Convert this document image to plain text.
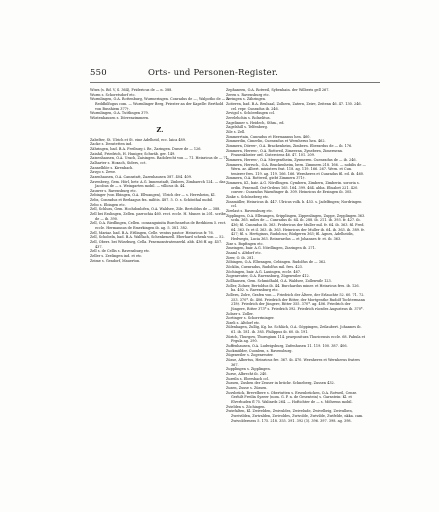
550	Orts- und Personen-Register.

Wiwa (s. Bd. V, S. 364), Fridericus de — n. 388.

Wurm s. Schoretsdorf etc.

Wurmlingen, O.A. Rottenburg, Wurmeringen. Conradus de —, Walpotho de — & Reddhilfogus com. — Wurmlinger Berg, Priester an der Kapelle: Berthold von Busshiem 377†.

Wurmlingen, O.A. Tuttlingen 379.

Wüstenhausen s. Dörrenzimmern.

Z.

Zabelter, St. Ulrich et St. eine Adelheid, ecc. laica 489.

Zacke s. Denstetten ind.

Zähringen, bad. B.A. Freiburg i. Br., Zaringen. Dueze de — 126.

Zainhil, Friedrich, H. Huniger, Schwäb. ger. 149.

Zaisenhausen, O.A. Urach, Zaisingen. Radolrecht von — 71. Heinricus de — 71.

Zalharter s. Hoxach, Siders, cct.

Zannelblöe s. Kirenbach.

Zavgo s. Zewe.

Zazenhausen, O.A. Cannstatt, Zazenhausen 387. 404. 409.

Zavenberg, Gem. Hörl, betr. A.G. Imnenstadt, Zinbers, Zimbaerch 124. — das Jacobus de — s. Weingarten mobil. — villicus ib. 44.

Zauwer s. Ravensburg etc.

Zebinger (von Ebingen, O.A. Ellwangen), Ulrich der — s. Herrsheim, Kl.

Zebs, Conradus et Berlaagus fra. militis. 487. 5. O. s. Schönthal mobil.

Zebo s. Ebingen etc.

Zell, Schluss, Gem. Hochdonlofen, O.A. Waldsee, Zile. Bertoldus de — 388.

Zell bei Esslingen, Zellen. parrochia 460. rect. eccle. H. Muner. in 201. scribe de — ib. 390.

Zell, O.A. Riedlingen, Cellen. consanguinita Burcheardus de Berkhiem 5. rect. eccle. Hermannus de Emerkingen ib. ag. 5. 381. 382.

Zell, Mariaz. bad. B.A. Ettlingen, Celle. ventus pastor: Heinricus fr. 76.

Zell, Schobeln, bad. B.A. Walflach, Schenkenzell. Eberhard schenk von — 52.

Zell, Oberz. bei Würzburg, Cella. Praemonstratenserkl. abb. 436 ff. ag. 457. 437.

Zell s. de Cellis s. Ravensburg etc.

Zeller s. Zeelingen ind. et etc.

Zeime s. Gendorf, Mauerton.

Zephaneen, O.A. Rotweil, Sybenhain. der Wilberis gell 267.

Zeren s. Ravensburg etc.

Zeringen s. Zähringen.

Zoiteren, bad. B.A. Brulsaal, Zolhern, Zatern, Zeire, Zeitenn 46. 47. 130. 246. cel. repr. Cunradus ib. 246.

Zevigol s. Schöerdingen ccl.

Zerelehchin s. Rolnelitus.

Zagelinner s. Heidech, Sthm., ed.

Zagelshill s. Telfenberg.

Zile s. Zell.

Zimmerrtain, Cunradus et Hermannus hen. 460.

Zimmerdin, Cimerlin, Cuenradus et Wernherus hen. 462.

Zimmern, Dörrer-, O.A. Brackenheim, Zimbern. Eberardus de — ib. 176.

Zimmern, Herren-, O.A. Rottweil, Zimeeran, Zynebern, Zimernenn. Frauenkloster ord. Cisterciens 46. 47. 101. 209.

Zimmern, Herren-, O.A. Mergentheim, Zysmeren. Cuenradus de — ib. 246.

Zimmern, Herrsch., O.A. Brackenheim, bern. Zimmern 218. 166. — nobilis de — Wern. ar. Albert. ministres frat. 118. ag. 119. 166. 267. Wern. et Cun. tenierer fres. 119. ag. 119. 166. 166. Wernheres et Cunradus fil. ed. ib. 460.

Zimmern, O.A. Rottweil, giebt Zimmern 371†.

Zimmern, Kl., bair. A.G. Nördlingen. Cymbern, Zimbern, Zimberin. sororia s. ordin. Praemoll. Ost-Ordens 165. 164. 399. 464. abba. Elisabet 221. 420. conver.: Cunradus Waenfinger ib. 309. Heinricus de Erzingen ib. 305.

Zinke s. Schöneberg etc.

Zinsmüller, Heinricus ib. 447. Ulricus volk. b. 453. s. Jadelfingen; Nordringen ccl.

Zirelast s. Ravensburg etc.

Zipplingen, O.A. Ellwangen, Sripplingen, Zippenlingen, Zuppe, Zepplingen 363. scda. 365. miles de — Cunradus ib. 64. ib. 288. ib. 211. ib. 393. fr. 427. ib. 436; fil. Cunradus ib. 363. Fridericus der Muller mil. fr. 64. ib. 363. fil. Fred. 64. 363. fr. et il. 363. ib. 363. Heinricus der Muller ib. 64. ib. 363. ib. 389. fr. 427; fil. s. Hertiginus, Rudolcun; Rüdgeren 363; fil. Agnes, Adelheidis, Hedwegis, Lucia 363. Reinwardus — et Johannes fr. et. ib. 363.

Zize s. Bopfingen etc.

Zmeingen, bair. A.G. Nördlingen, Zizzingen ib. 271.

Znaml s. Altdorf etc.

Zirer, O. ib. 281.

Zöbingen, O.A. Ellwangen, Cebingen. Rudolfus de — 362.

Zöcklin, Cuenradus, Rudolfus mil. fres. 423.

Zöchingen, bair. A.G. Lauingen, eccle. 467.

Zogenreuter, O.A. Ravensburg, Zügenwiler 412.

Zollhausen, Gem. Schmidhald, O.A. Waldsee, Zollenwilr 123.

Zoller, Zolner, Bertoldus ib. 44. Burchardus miner. et Heinricus fres. ib. 126. ba. 402. s. Ravensburg etc.

Zollern, Zolre, Grafen von — Friedrich der Ältere, der Erlauchte 52. 60. 71. 72. 253. 370*. ib. 406. Friedrich der Ritter, der Mortgenthe Rudolf Tochtermann 218†. Friedrich der Jüngere, Ritter 355. 370*. ag. 406. Friedrich der Jüngere, Ritter 373* s. Friedrich 392. Friedrich rücsdes Augusteus ib. 370*.

Zolner s. Zoller.

Zortinger s. Schorrrininger.

Zizeli s. Altdorf etc.

Zülenhagen, Zullig, Kg. bz. Schläch, O.A. Göppingen, Zeilaubert. Johannes ib. 61. ib. 181. ib. 385. Philippus ib. 60. ib. 191.

Zürich, Thurgow, Thurngium 114. praepositura Thuricensis eccle. 68. Fabula et Frgula ag. 290.

Zuffenhausen, O.A. Ludwigsburg, Zufenhusen 11. 119. 100. 387. 406.

Zuckmülder, Cuonlem, s. Ravensburg.

Zügenwiler s. Zogenreuter.

Züsse, Albertus, Heinricus fre. 367. ib. 470. Wernheres et Wernherus fratres 367.

Zupplingen s. Zipplingen.

Zurse, Albrecht ib. 240.

Zureiln s. Ebersbach ccl.

Zussen, Zusben der Zeuser in brüchr. Schneberg, Zussen 432.

Zusen, Zusse s. Züssen.

Zuvsbrück, Brevelbere s. Obertutten s. Ersenbrücken, O.A. Rotweil, Cenze. Gerhilt Freilin Syzeer (nom. G. P. n. de Gesentein) s. Garnstein: Kl. et Elverhuden fl 75. Walinrds 264. — Hoftichter de — s. Möhrenn mobil.

Zvielden s. Zöchingen.

Zwiefalten, Kl. Zwivelden, Zwivuldes, Zwivelude, Zwivelbrig, Zwivulben, Zweivilden, Zwivalden, Zwivoldes, Zwivolde, Zwivilde, Zwifelde, nkka. cam. Zwivolderness 5. 175. 218. 355. 391. 392 (3). 396. 397. 398. ag. 398.
